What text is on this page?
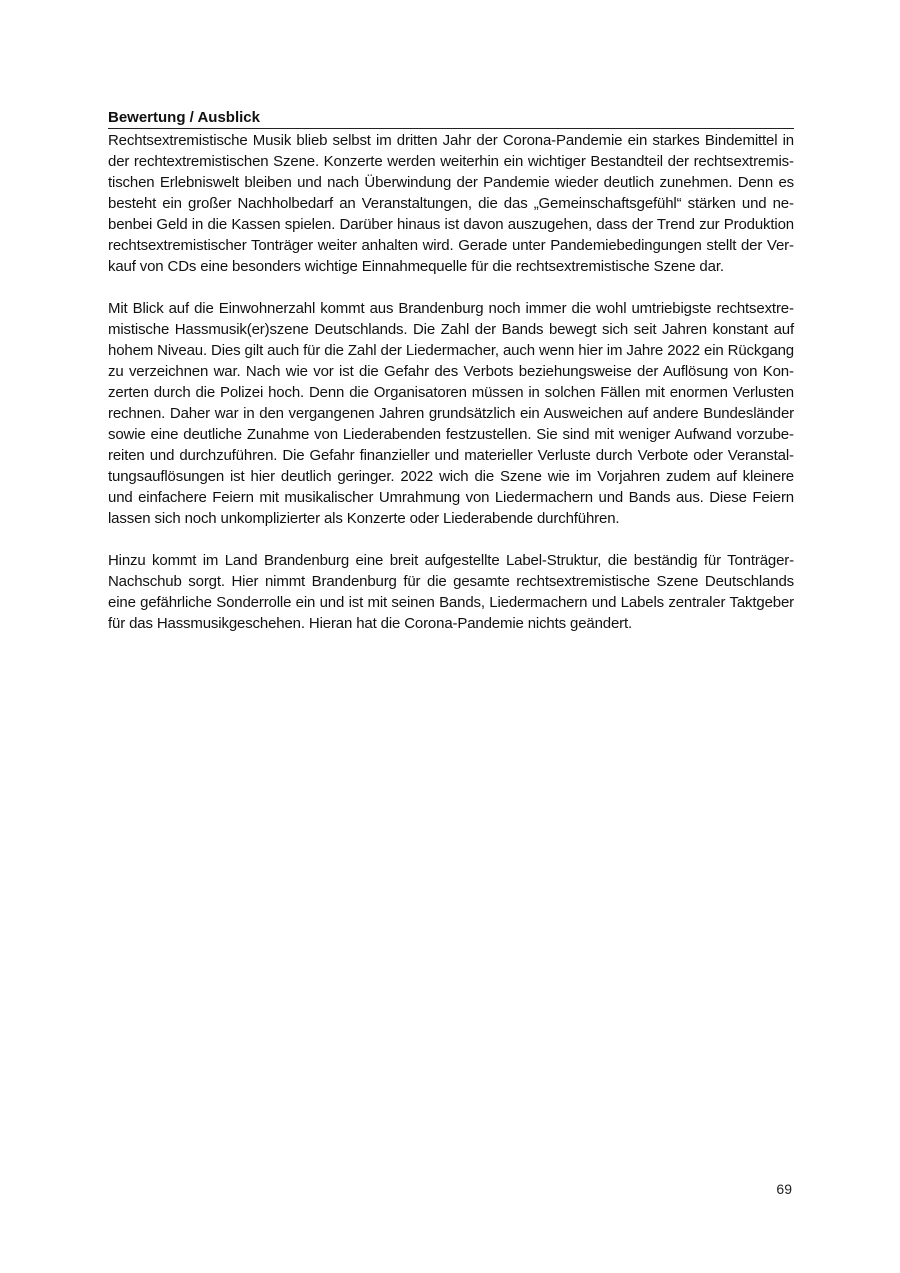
Bewertung / Ausblick

Rechtsextremistische Musik blieb selbst im dritten Jahr der Corona-Pandemie ein starkes Bindemittel in der rechtextremistischen Szene. Konzerte werden weiterhin ein wichtiger Bestandteil der rechtsextremistischen Erlebniswelt bleiben und nach Überwindung der Pandemie wieder deutlich zunehmen. Denn es besteht ein großer Nachholbedarf an Veranstaltungen, die das „Gemeinschaftsgefühl“ stärken und nebenbei Geld in die Kassen spielen. Darüber hinaus ist davon auszugehen, dass der Trend zur Produktion rechtsextremistischer Tonträger weiter anhalten wird. Gerade unter Pandemiebedingungen stellt der Verkauf von CDs eine besonders wichtige Einnahmequelle für die rechtsextremistische Szene dar.

Mit Blick auf die Einwohnerzahl kommt aus Brandenburg noch immer die wohl umtriebigste rechtsextremistische Hassmusik(er)szene Deutschlands. Die Zahl der Bands bewegt sich seit Jahren konstant auf hohem Niveau. Dies gilt auch für die Zahl der Liedermacher, auch wenn hier im Jahre 2022 ein Rückgang zu verzeichnen war. Nach wie vor ist die Gefahr des Verbots beziehungsweise der Auflösung von Konzerten durch die Polizei hoch. Denn die Organisatoren müssen in solchen Fällen mit enormen Verlusten rechnen. Daher war in den vergangenen Jahren grundsätzlich ein Ausweichen auf andere Bundesländer sowie eine deutliche Zunahme von Liederabenden festzustellen. Sie sind mit weniger Aufwand vorzubereiten und durchzuführen. Die Gefahr finanzieller und materieller Verluste durch Verbote oder Veranstaltungsauflösungen ist hier deutlich geringer. 2022 wich die Szene wie im Vorjahren zudem auf kleinere und einfachere Feiern mit musikalischer Umrahmung von Liedermachern und Bands aus. Diese Feiern lassen sich noch unkomplizierter als Konzerte oder Liederabende durchführen.

Hinzu kommt im Land Brandenburg eine breit aufgestellte Label-Struktur, die beständig für Tonträger-Nachschub sorgt. Hier nimmt Brandenburg für die gesamte rechtsextremistische Szene Deutschlands eine gefährliche Sonderrolle ein und ist mit seinen Bands, Liedermachern und Labels zentraler Taktgeber für das Hassmusikgeschehen. Hieran hat die Corona-Pandemie nichts geändert.

69
